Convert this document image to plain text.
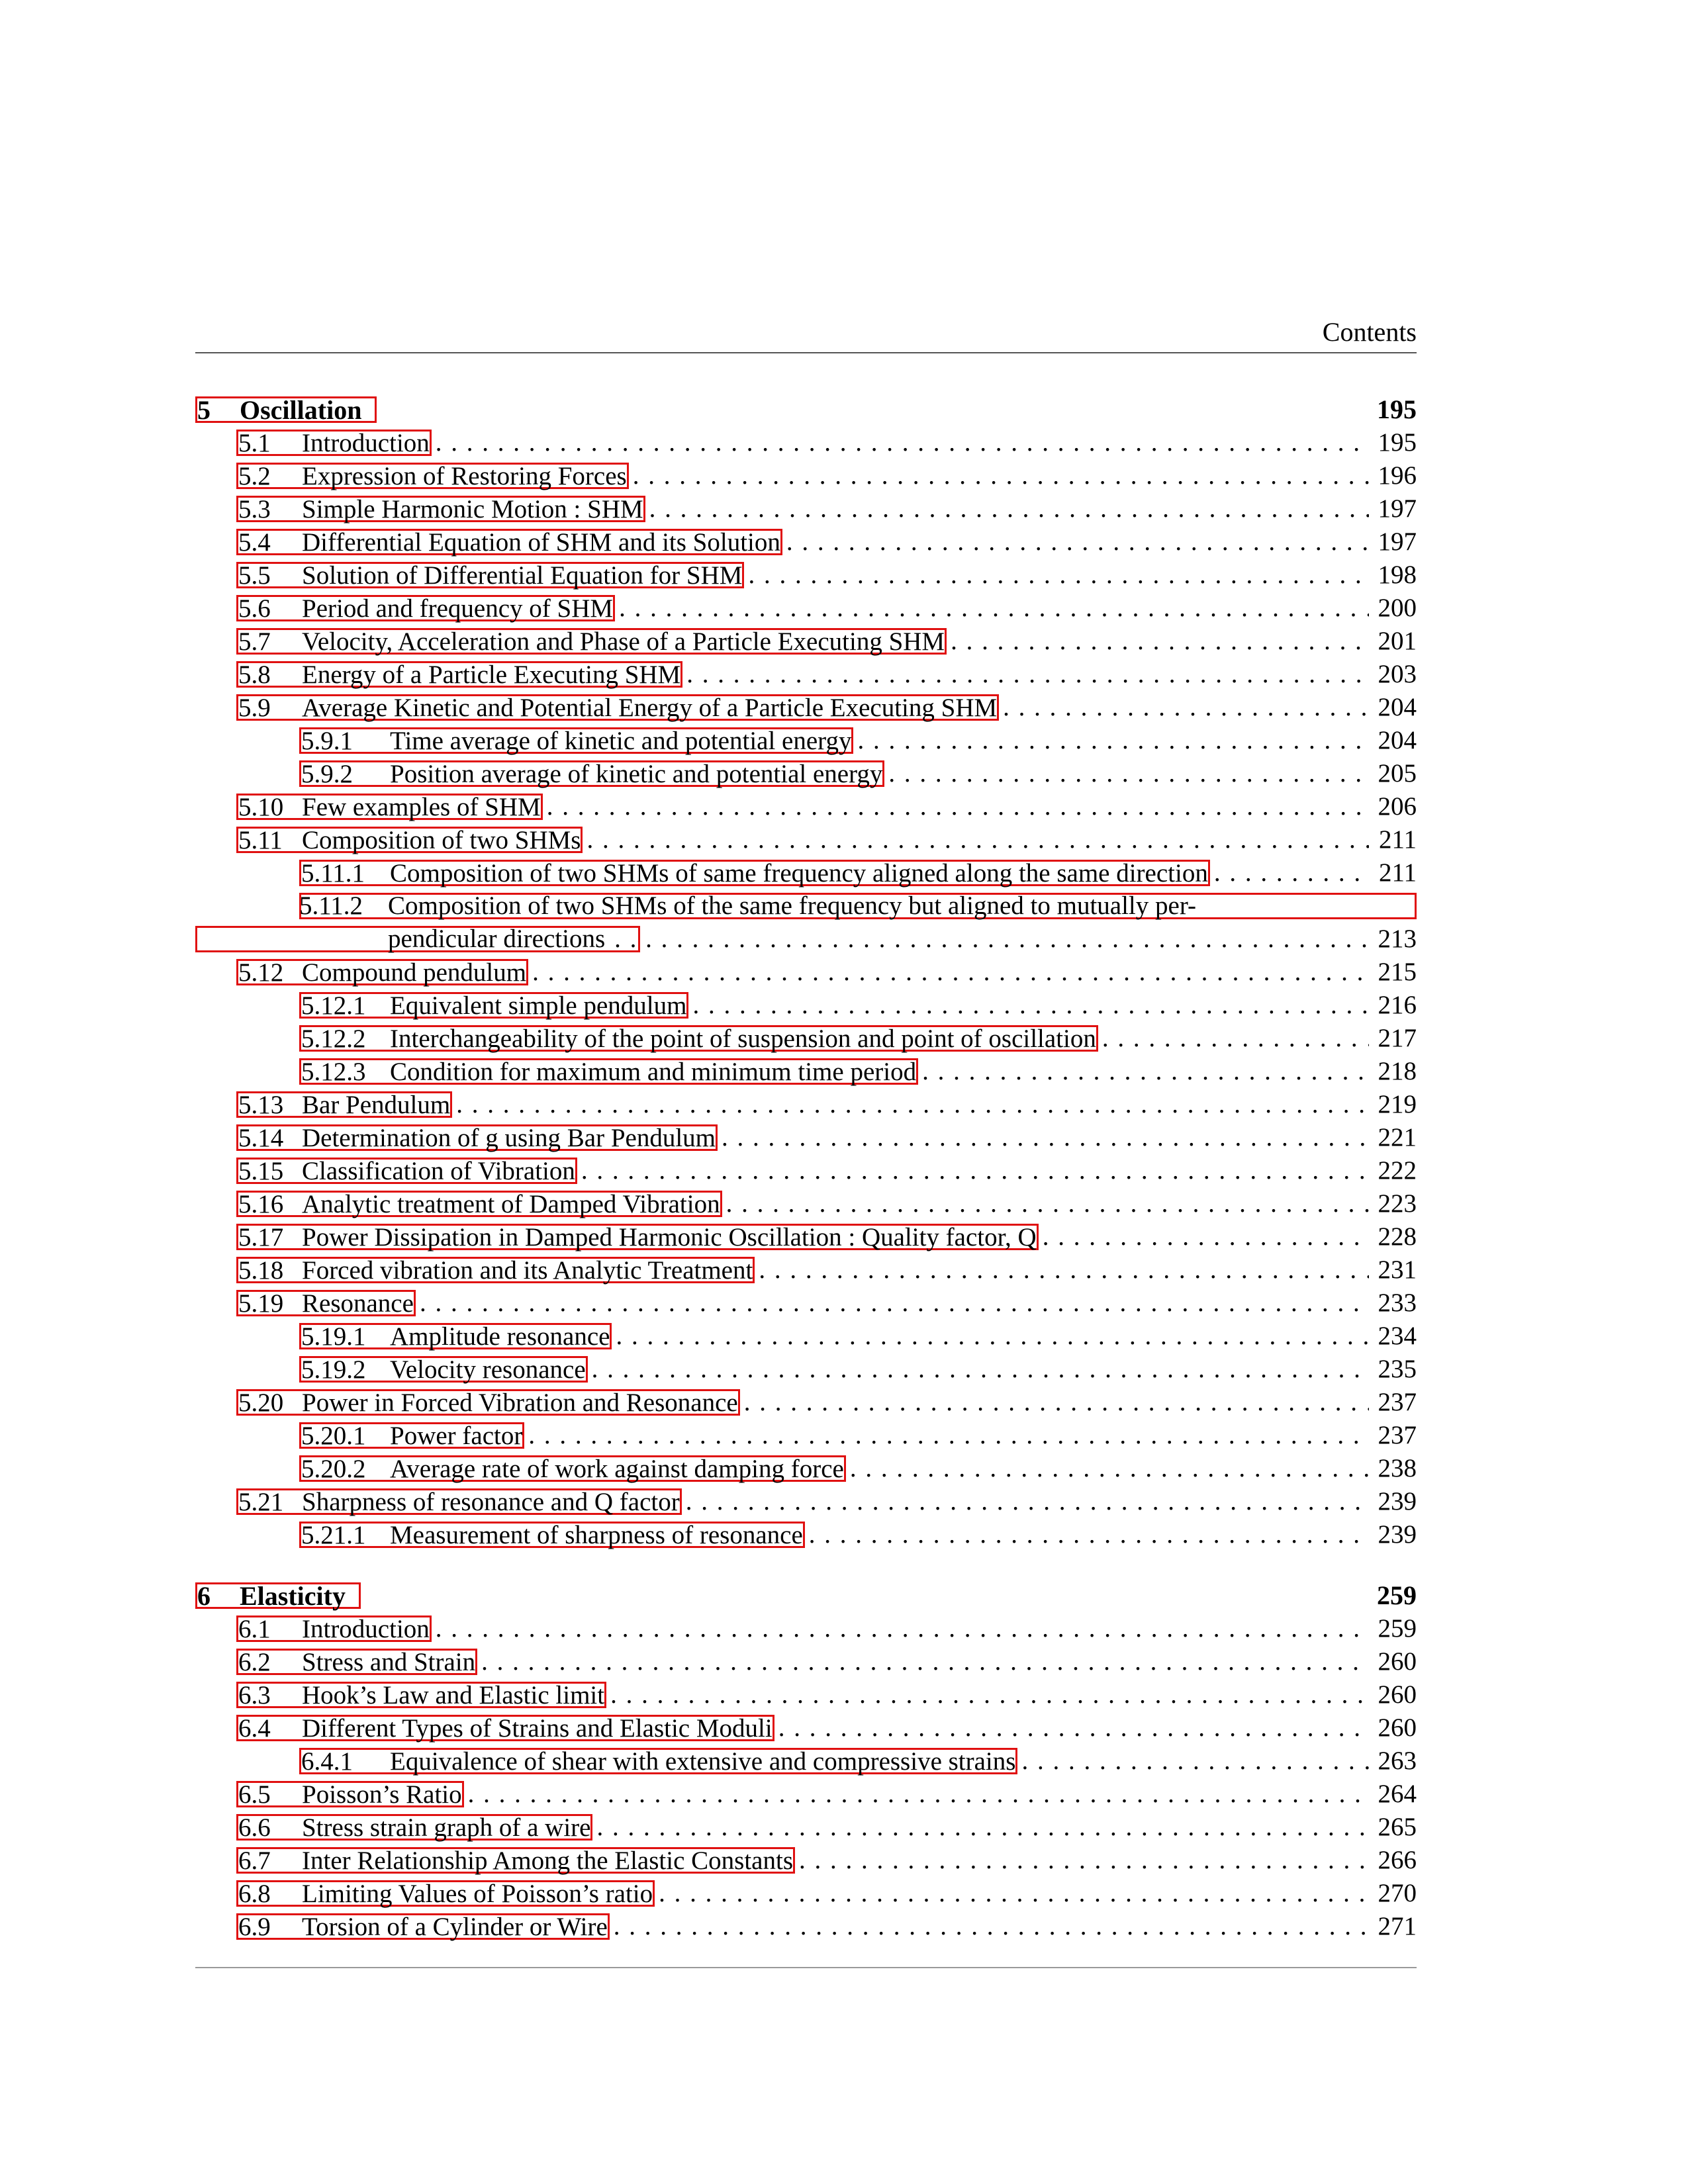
Contents
5	Oscillation	195
5.1	Introduction . . .	195
5.2	Expression of Restoring Forces . . .	196
5.3	Simple Harmonic Motion : SHM . . .	197
5.4	Differential Equation of SHM and its Solution . . .	197
5.5	Solution of Differential Equation for SHM . . .	198
5.6	Period and frequency of SHM . . .	200
5.7	Velocity, Acceleration and Phase of a Particle Executing SHM . . .	201
5.8	Energy of a Particle Executing SHM . . .	203
5.9	Average Kinetic and Potential Energy of a Particle Executing SHM . . .	204
5.9.1	Time average of kinetic and potential energy . . .	204
5.9.2	Position average of kinetic and potential energy . . .	205
5.10 Few examples of SHM . . .	206
5.11 Composition of two SHMs . . .	211
5.11.1 Composition of two SHMs of same frequency aligned along the same direction . . .	211
5.11.2 Composition of two SHMs of the same frequency but aligned to mutually per-
pendicular directions . . .	213
5.12 Compound pendulum . . .	215
5.12.1 Equivalent simple pendulum . . .	216
5.12.2 Interchangeability of the point of suspension and point of oscillation . . .	217
5.12.3 Condition for maximum and minimum time period . . .	218
5.13 Bar Pendulum . . .	219
5.14 Determination of g using Bar Pendulum . . .	221
5.15 Classification of Vibration . . .	222
5.16 Analytic treatment of Damped Vibration . . .	223
5.17 Power Dissipation in Damped Harmonic Oscillation : Quality factor, Q . . .	228
5.18 Forced vibration and its Analytic Treatment . . .	231
5.19 Resonance . . .	233
5.19.1 Amplitude resonance . . .	234
5.19.2 Velocity resonance . . .	235
5.20 Power in Forced Vibration and Resonance . . .	237
5.20.1 Power factor . . .	237
5.20.2 Average rate of work against damping force . . .	238
5.21 Sharpness of resonance and Q factor . . .	239
5.21.1 Measurement of sharpness of resonance . . .	239
6	Elasticity	259
6.1	Introduction . . .	259
6.2	Stress and Strain . . .	260
6.3	Hook’s Law and Elastic limit . . .	260
6.4	Different Types of Strains and Elastic Moduli . . .	260
6.4.1	Equivalence of shear with extensive and compressive strains . . .	263
6.5	Poisson’s Ratio . . .	264
6.6	Stress strain graph of a wire . . .	265
6.7	Inter Relationship Among the Elastic Constants . . .	266
6.8	Limiting Values of Poisson’s ratio . . .	270
6.9	Torsion of a Cylinder or Wire . . .	271
